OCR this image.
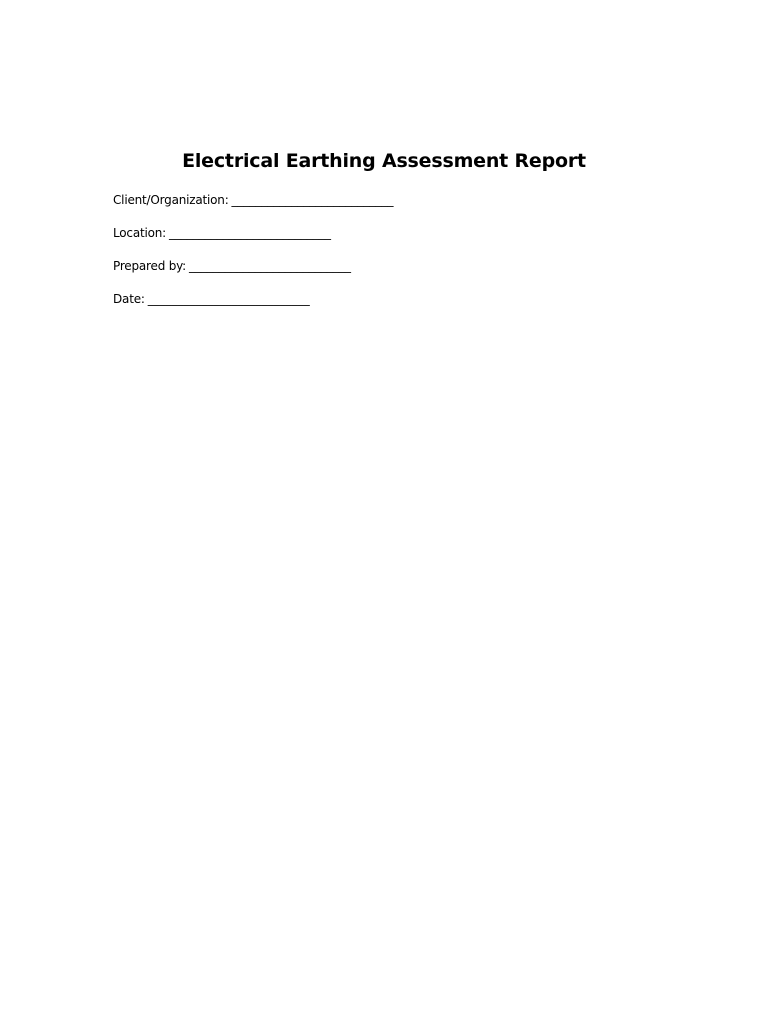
Electrical Earthing Assessment Report
Client/Organization: ___________________________
Location: ___________________________
Prepared by: ___________________________
Date: ___________________________
